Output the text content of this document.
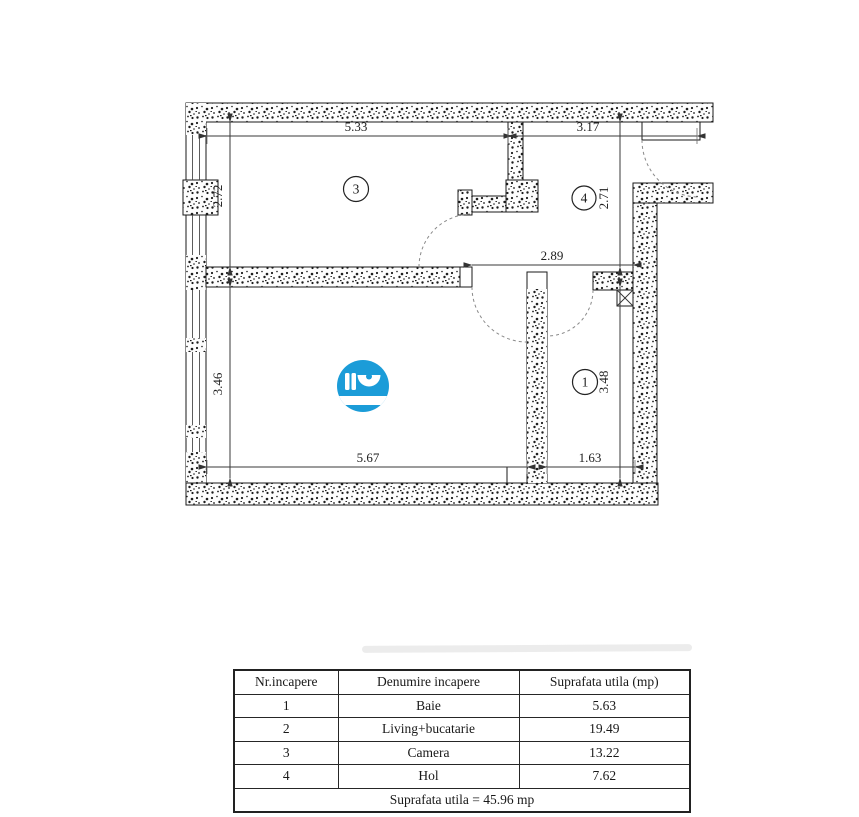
5.33	3.17
2.89
5.67	1.63
2.72	2.71
3.46	3.48
3
4
1
Nr.incapere	Denumire incapere	Suprafata utila (mp)
1	Baie	5.63
2	Living+bucatarie	19.49
3	Camera	13.22
4	Hol	7.62
Suprafata utila = 45.96 mp		
